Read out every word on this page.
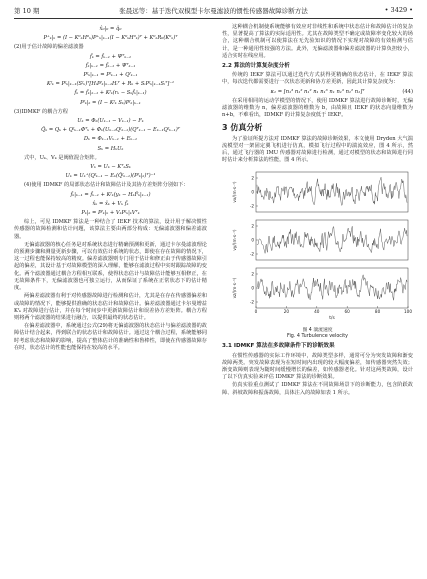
第 10 期	张晨远等：基于迭代双模型卡尔曼滤波的惯性传感器故障诊断方法	• 3429 •
x̂₀|₀ = q̂₀
P⁺ₖ|ₖ = (I − K⁰ₖH⁰ₖ)P⁺ₖ|ₖ₋₁(I − K⁰ₖH⁰ₖ)ᵀ + K⁰ₖR₀(K⁰ₖ)ᵀ
(2)用于估计故障的偏差滤波器
f̂ₖ = f̂ₖ₋₁ + Ψᵀₖ₋₁
f̂ₖ|ₖ₋₁ = f̂ₖ₋₁ + Ψᵀₖ₋₁
Pᶠₖ|ₖ₋₁ = Pᶠₖ₋₁ + Qᶠₖ₋₁
Kᶠₖ = Pᶠₖ|ₖ₋₁(Sᶠₖ)ᵀ[HᵢPᶠₖ|ₖ₋₁Hᵢᵀ + Rₖ + SᵢPᶠₖ|ₖ₋₁Sᵢᵀ]⁻¹
f̂ₖ = f̂ₖ|ₖ₋₁ + Kᶠₖ(rₖ − Sₖf̂ₖ|ₖ₋₁)
Pᶠₖ|ₖ = (I − Kᶠₖ Sₖ)Pᶠₖ|ₖ₋₁
(3)IDMKF 的耦合方程
Uₖ = Φₖ(Uₖ₋₁ − Vₖ₋₁) − Fₖ
Q̂ₖ = Qₖ + Qᶠₖ₋₁Φᵀₖ + Φₖ(Uₖ₋₁Qᶠₖ₋₁)(Qᵀₖ₋₁ − Eₖ₋₁Qᶠₖ₋₁)ᵀ
Dₖ = Φₖ₋₁Vₖ₋₁ + Eₖ₋₁
Sₖ = HₖUₖ

式中，Uₖ、Vₖ 是阀值混合矩阵。

Vₖ = Uₖ − KᵀₖSₖ
Uₖ = Uₖ⁺(Qᶠₖ₋₁ − Eₖ(Q̂ᶠₖ₋₁)(Pᶠₖ|ₖ)ᵀ)⁻¹

(4)使用 IDMKF 的局部状态估计和故障估计及其协方差矩阵分别如下：

f̂ₖ|ₖ₋₁ = f̂ₖ₋₁ + Kᶠₖ(yₖ − HₖF̂ₖ|ₖ₋₁)
x̂ₖ = x̂ₖ + Vₖ f̂ₖ
Pₖ|ₖ = Pᶠₖ|ₖ + VₖPᶠₖ|ₖVᵀₖ

综上，可见 IDMKF 算法是一种结合了 IEKF 技术的算法，设计用于解决惯性传感器的故障检测和估计问题，该算法主要由两部分构成：无偏滤波器和偏差滤波器。

无偏滤波器的核心任务是对系统状态进行精确预测和更新，通过卡尔曼滤波理论的预测步骤和测量更新步骤，可以有效估计系统的状态，即使在存在故障的情况下，这一过程也能保持较高的精度。偏差滤波器则专门用于估计和修正由于传感器故障引起的偏差，其设计基于对故障模型的深入理解，能够在滤波过程中实时跟踪故障的变化。两个滤波器通过耦合方程相互联系，使得状态估计与故障估计能够互相修正，在无故障条件下，无偏滤波器也可独立运行，从而保证了系统在正常状态下的估计精度。

两偏差滤波器有利于对传感器故障进行检测和估计，尤其是在存在传感器偏差和或故障的情况下，能够提供准确的状态估计和故障估计。偏差滤波器通过卡尔曼增益 Kᶠₖ 对故障进行估计，并在每个时间步中更新故障估计和误差协方差矩阵。耦合方程则将两个滤波器的结果进行融合，以提供最终的状态估计。

在偏差滤波器中，系统通过公式(29)将无偏滤波器的状态估计与偏差滤波器的故障估计结合起来，得到联合的状态估计和故障估计。通过这个耦合过程，系统能够同时考虑状态和故障的影响，提高了整体估计的准确性和鲁棒性，即使在传感器故障存在时，状态估计的性能也能保持在较高的水平。

这种耦合机制使系统能够有效应对非线性和系统中状态估计和故障估计的复杂性，显著提高了算法的实际适用性。尤其在故障类型不确定或故障率变化较大的场合，这种耦合机制可以使算法在无先验知识的情况下实现对故障的有效检测与估计，是一种通用性较强的方法。此外，无偏滤波器和偏差滤波器的计算负担较小，适合实时在线应用。

2.2 算法的计算复杂度分析

传统的 IEKF 算法可以通过迭代方式获得更精确的状态估计，在 IEKF 算法中，每次迭代都需要进行一次状态更新和协方差更新，因此其计算复杂度为：

κ₁ = [n₁³ n₁² n₁² n₁ n₁³ n₁ n₁³ n₁² n₁]ᵀ	(44)

在采用相同的运动学模型的情况下，使用 IDMKF 算法进行故障诊断时，无偏滤波器的维数为 n，偏差滤波器的维数为 b，由故障且 IEKF 的状态向量维数为 n+b，不难看出，IDMKF 的计算复杂度低于 IEKF。

3 仿真分析

为了验证所提方法对 IDMKF 算法的故障诊断效果，本文使用 Dryden 大气湍流模型对一架固定翼飞机进行仿真，模拟飞行过程中的湍流效应，图 4 所示，然后，通过飞行器的 IMU 传感器对故障进行检测，通过对模型的状态和故障进行同时估计来分析算法的性能，图 4 所示。

2
0
-2
vx/(m·s⁻¹)
2
0
-2
vy/(m·s⁻¹)
2
0
-2
vz/(m·s⁻¹)
0	20	40	60	80	100
t/s
图 4 湍流速度
Fig. 4 Turbulence velocity
3.1 IDMKF 算法在多故障条件下的诊断效果

在惯性传感器的实际工作环境中，故障类型多样，通常可分为突发故障和渐变故障两类。突发故障表现为在短时间内出现的较大幅度偏差，如传感器突然失效；渐变故障则表现为随时间缓慢增长的偏差，如传感器老化。针对这两类故障，设计了以下仿真实验来评估 IDMKF 算法的诊断效果。

仿真实验重点测试了 IDMKF 算法在不同故障场景下的诊断能力，包含阶跃故障、斜坡故障和振荡故障，具体注入的故障如表 1 所示。
